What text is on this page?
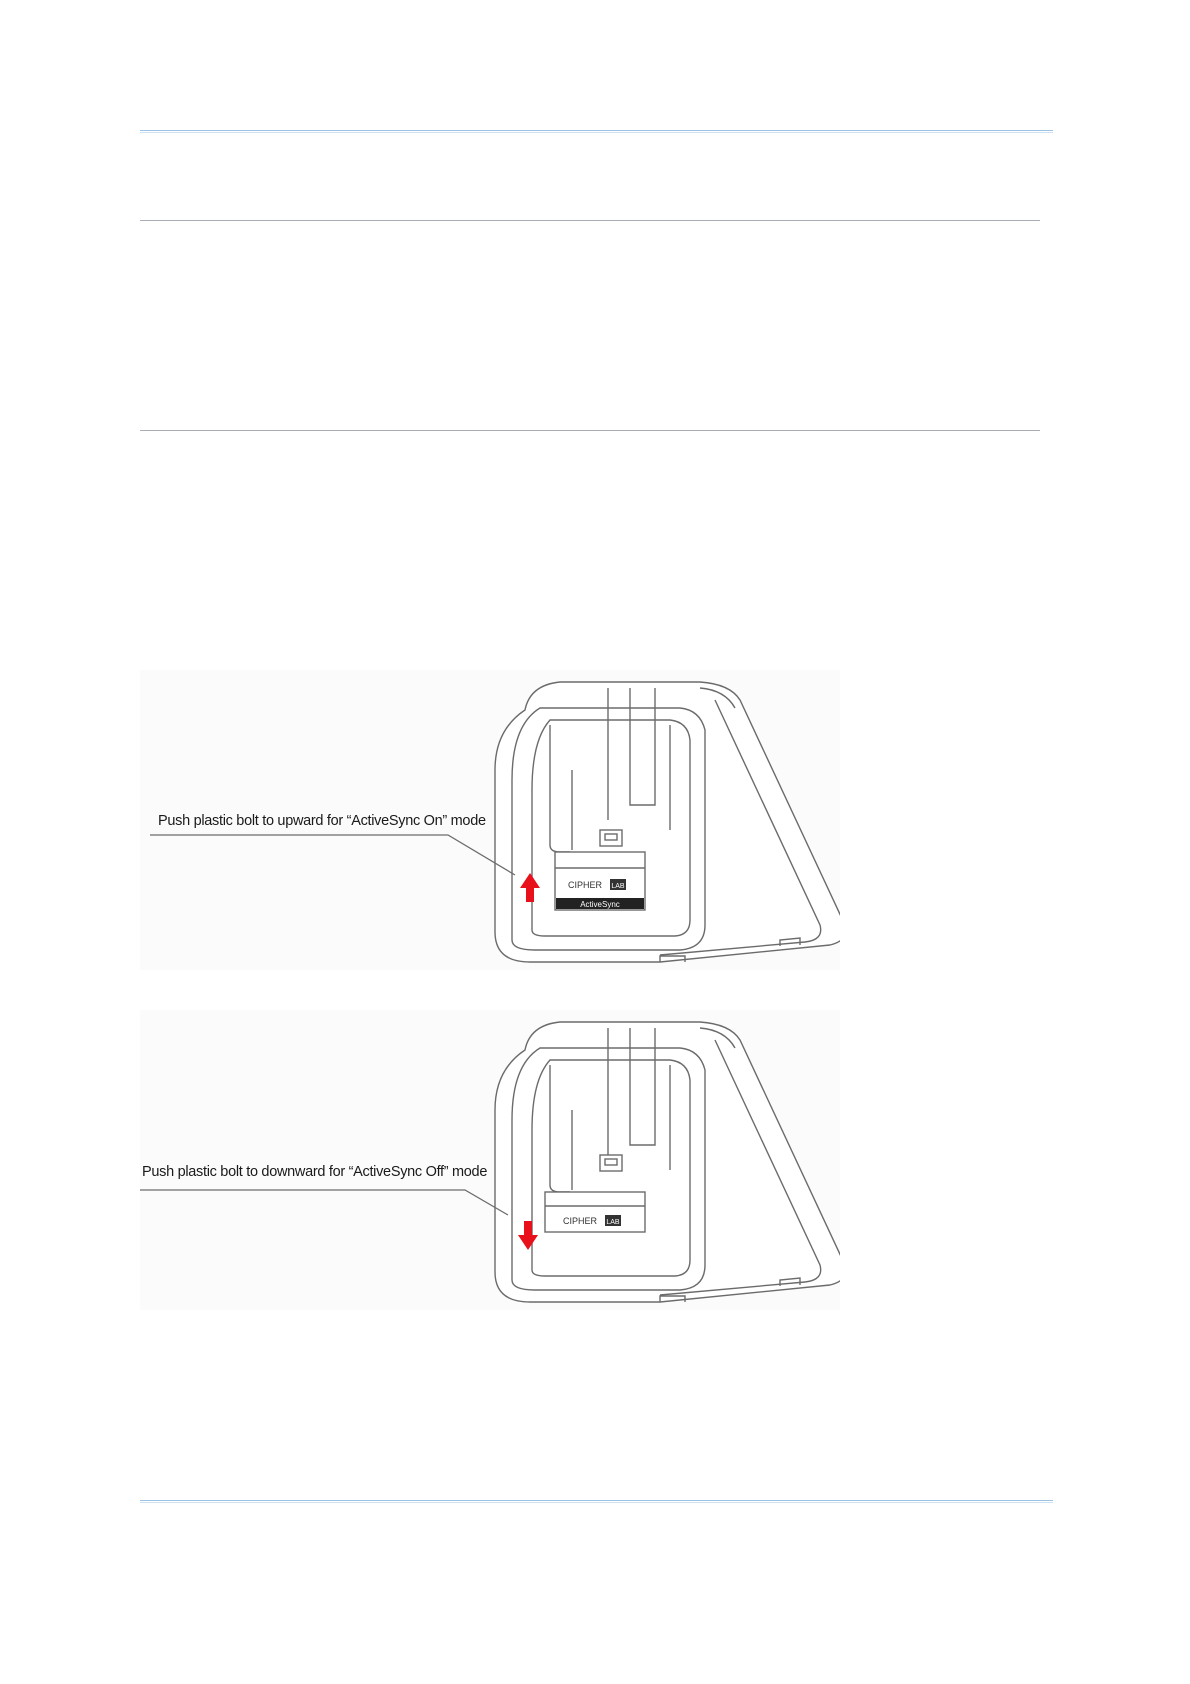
ActiveSync
CIPHER LAB
Push plastic bolt to upward for “ActiveSync On” mode
CIPHER LAB
Push plastic bolt to downward for “ActiveSync Off” mode
